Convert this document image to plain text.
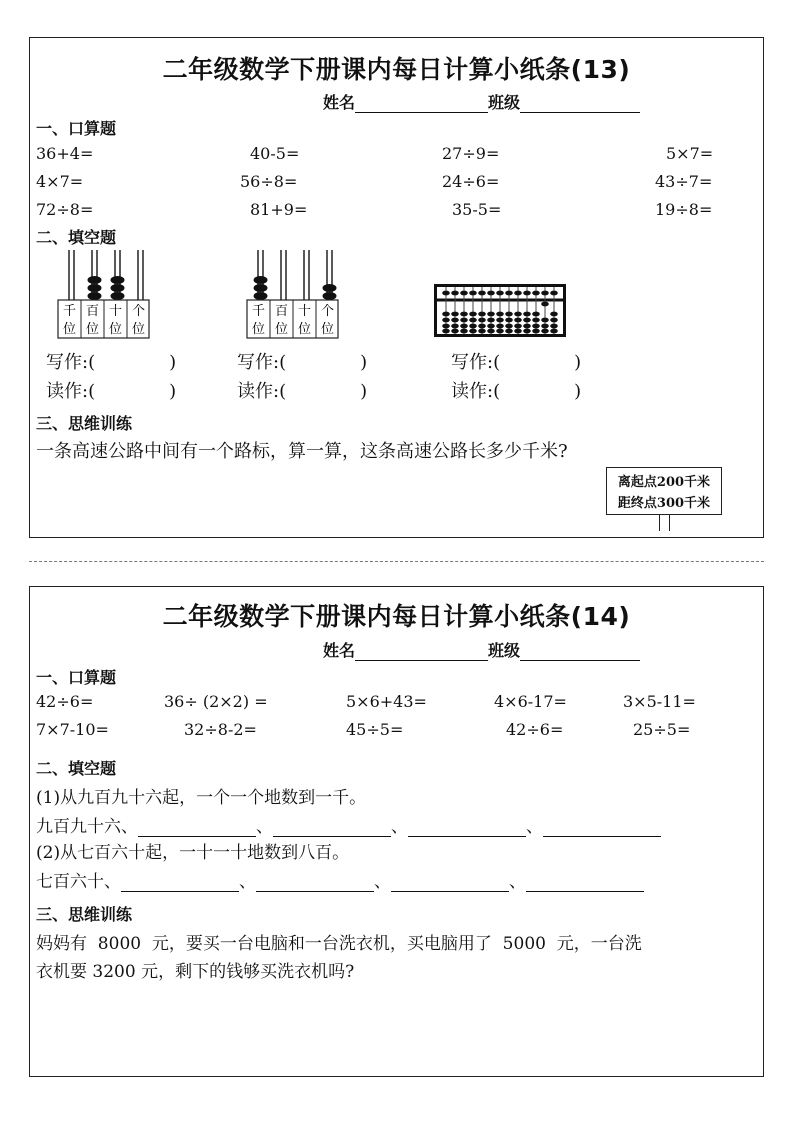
二年级数学下册课内每日计算小纸条(13)
姓名	班级
一、口算题
36+4=	40-5=	27÷9=	5×7=
4×7=	56÷8=	24÷6=	43÷7=
72÷8=	81+9=	35-5=	19÷8=
二、填空题
千
位
百
位
十
位
个
位
千
位
百
位
十
位
个
位
写作:(	)
读作:(	)
写作:(	)
读作:(	)
写作:(	)
读作:(	)
三、思维训练
一条高速公路中间有一个路标，算一算，这条高速公路长多少千米?
离起点200千米
距终点300千米
二年级数学下册课内每日计算小纸条(14)
姓名	班级
一、口算题
42÷6=	36÷ (2×2) =	5×6+43=	4×6-17=	3×5-11=
7×7-10=	32÷8-2=	45÷5=	42÷6=	25÷5=
二、填空题
(1)从九百九十六起，一个一个地数到一千。
九百九十六、	、	、	、
(2)从七百六十起，一十一十地数到八百。
七百六十、	、	、	、
三、思维训练
妈妈有  8000  元，要买一台电脑和一台洗衣机，买电脑用了  5000  元，一台洗
衣机要 3200 元，剩下的钱够买洗衣机吗?
